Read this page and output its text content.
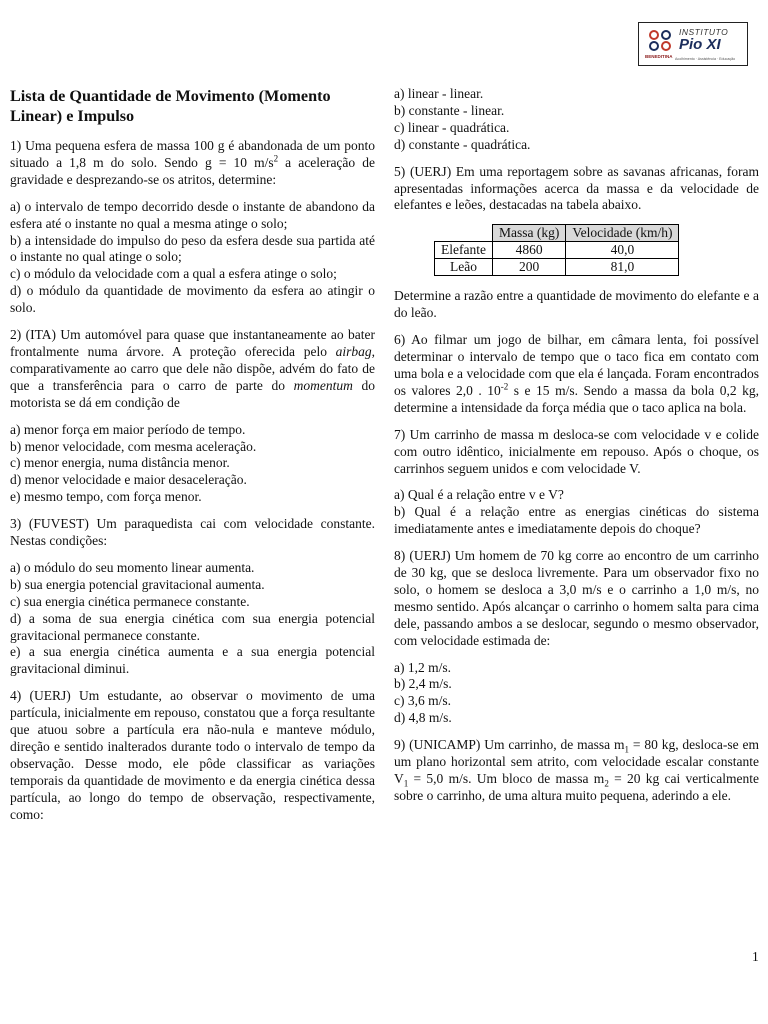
INSTITUTO
Pio XI
BENEDITINA Acolhimento · Assistência · Educação
Lista de Quantidade de Movimento (Momento Linear) e Impulso

1) Uma pequena esfera de massa 100 g é abandonada de um ponto situado a 1,8 m do solo. Sendo g = 10 $m/s^2$ a aceleração de gravidade e desprezando-se os atritos, determine:

a) o intervalo de tempo decorrido desde o instante de abandono da esfera até o instante no qual a mesma atinge o solo;
b) a intensidade do impulso do peso da esfera desde sua partida até o instante no qual atinge o solo;
c) o módulo da velocidade com a qual a esfera atinge o solo;
d) o módulo da quantidade de movimento da esfera ao atingir o solo.

2) (ITA) Um automóvel para quase que instantaneamente ao bater frontalmente numa árvore. A proteção oferecida pelo airbag, comparativamente ao carro que dele não dispõe, advém do fato de que a transferência para o carro de parte do momentum do motorista se dá em condição de

a) menor força em maior período de tempo.
b) menor velocidade, com mesma aceleração.
c) menor energia, numa distância menor.
d) menor velocidade e maior desaceleração.
e) mesmo tempo, com força menor.

3) (FUVEST) Um paraquedista cai com velocidade constante. Nestas condições:

a) o módulo do seu momento linear aumenta.
b) sua energia potencial gravitacional aumenta.
c) sua energia cinética permanece constante.
d) a soma de sua energia cinética com sua energia potencial gravitacional permanece constante.
e) a sua energia cinética aumenta e a sua energia potencial gravitacional diminui.

4) (UERJ) Um estudante, ao observar o movimento de uma partícula, inicialmente em repouso, constatou que a força resultante que atuou sobre a partícula era não-nula e manteve módulo, direção e sentido inalterados durante todo o intervalo de tempo da observação. Desse modo, ele pôde classificar as variações temporais da quantidade de movimento e da energia cinética dessa partícula, ao longo do tempo de observação, respectivamente, como:

a) linear - linear.
b) constante - linear.
c) linear - quadrática.
d) constante - quadrática.

5) (UERJ) Em uma reportagem sobre as savanas africanas, foram apresentadas informações acerca da massa e da velocidade de elefantes e leões, destacadas na tabela abaixo.

	Massa (kg)	Velocidade (km/h)
Elefante	4860	40,0
Leão	200	81,0

Determine a razão entre a quantidade de movimento do elefante e a do leão.

6) Ao filmar um jogo de bilhar, em câmara lenta, foi possível determinar o intervalo de tempo que o taco fica em contato com uma bola e a velocidade com que ela é lançada. Foram encontrados os valores 2,0 . $10^{-2}$ s e 15 m/s. Sendo a massa da bola 0,2 kg, determine a intensidade da força média que o taco aplica na bola.

7) Um carrinho de massa m desloca-se com velocidade v e colide com outro idêntico, inicialmente em repouso. Após o choque, os carrinhos seguem unidos e com velocidade V.

a) Qual é a relação entre v e V?
b) Qual é a relação entre as energias cinéticas do sistema imediatamente antes e imediatamente depois do choque?

8) (UERJ) Um homem de 70 kg corre ao encontro de um carrinho de 30 kg, que se desloca livremente. Para um observador fixo no solo, o homem se desloca a 3,0 m/s e o carrinho a 1,0 m/s, no mesmo sentido. Após alcançar o carrinho o homem salta para cima dele, passando ambos a se deslocar, segundo o mesmo observador, com velocidade estimada de:

a) 1,2 m/s.
b) 2,4 m/s.
c) 3,6 m/s.
d) 4,8 m/s.

9) (UNICAMP) Um carrinho, de massa $m_1 = 80$ kg, desloca-se em um plano horizontal sem atrito, com velocidade escalar constante $V_1 = 5,0$ m/s. Um bloco de massa $m_2 = 20$ kg cai verticalmente sobre o carrinho, de uma altura muito pequena, aderindo a ele.

1
